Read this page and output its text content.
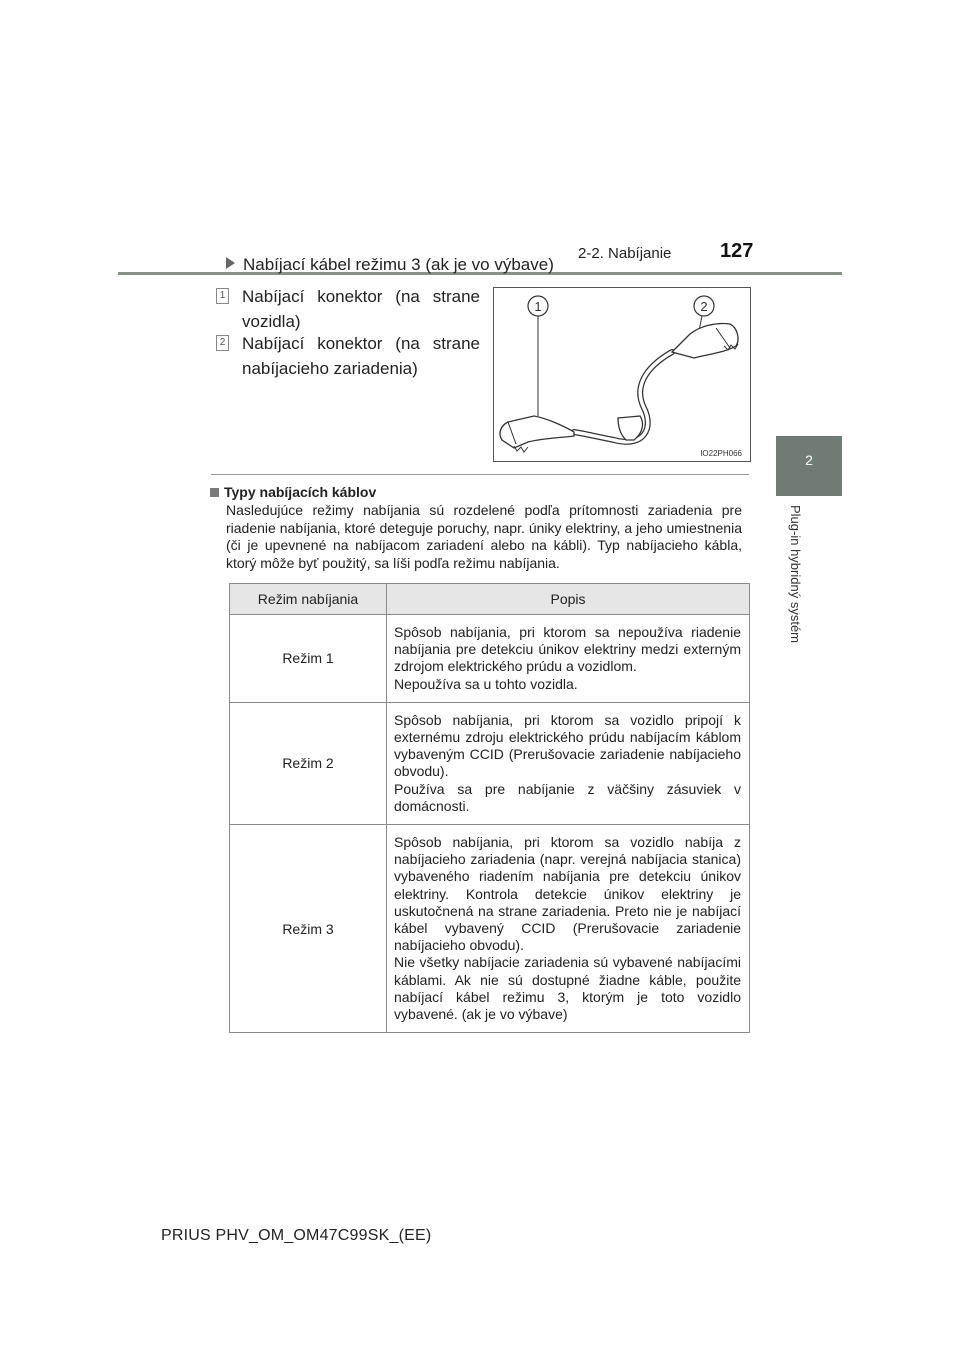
2-2. Nabíjanie 127
2
Plug-in hybridný systém
Nabíjací kábel režimu 3 (ak je vo výbave)
1 Nabíjací konektor (na strane vozidla)
2 Nabíjací konektor (na strane nabíjacieho zariadenia)
1	2
IO22PH066
Typy nabíjacích káblov
Nasledujúce režimy nabíjania sú rozdelené podľa prítomnosti zariadenia pre riadenie nabíjania, ktoré deteguje poruchy, napr. úniky elektriny, a jeho umiestnenia (či je upevnené na nabíjacom zariadení alebo na kábli). Typ nabíjacieho kábla, ktorý môže byť použitý, sa líši podľa režimu nabíjania.
Režim nabíjania	Popis
Režim 1	Spôsob nabíjania, pri ktorom sa nepoužíva riadenie nabíjania pre detekciu únikov elektriny medzi externým zdrojom elektrického prúdu a vozidlom.
Nepoužíva sa u tohto vozidla.

Režim 2	Spôsob nabíjania, pri ktorom sa vozidlo pripojí k externému zdroju elektrického prúdu nabíjacím káblom vybaveným CCID (Prerušovacie zariadenie nabíjacieho obvodu).
Používa sa pre nabíjanie z väčšiny zásuviek v domácnosti.

Režim 3	Spôsob nabíjania, pri ktorom sa vozidlo nabíja z nabíjacieho zariadenia (napr. verejná nabíjacia stanica) vybaveného riadením nabíjania pre detekciu únikov elektriny. Kontrola detekcie únikov elektriny je uskutočnená na strane zariadenia. Preto nie je nabíjací kábel vybavený CCID (Prerušovacie zariadenie nabíjacieho obvodu).
Nie všetky nabíjacie zariadenia sú vybavené nabíjacími káblami. Ak nie sú dostupné žiadne káble, použite nabíjací kábel režimu 3, ktorým je toto vozidlo vybavené. (ak je vo výbave)
PRIUS PHV_OM_OM47C99SK_(EE)
